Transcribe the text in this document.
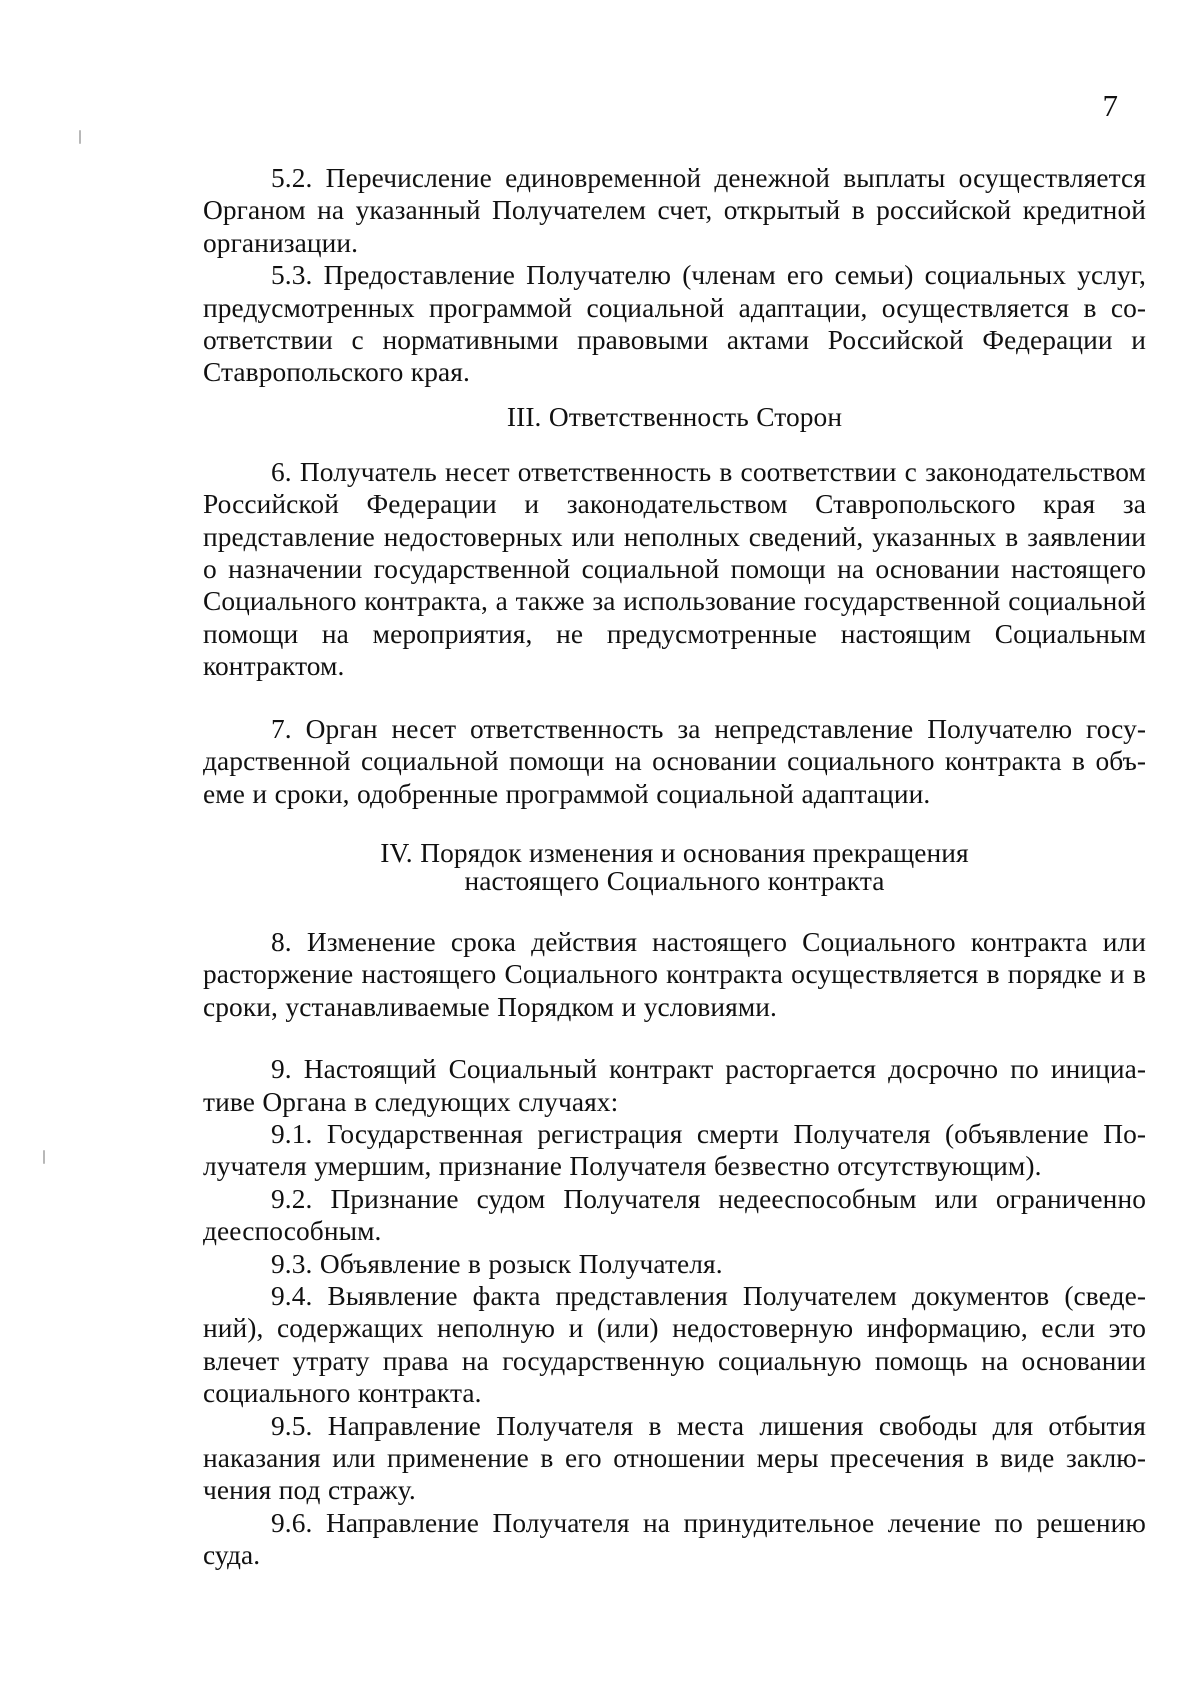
7

5.2. Перечисление единовременной денежной выплаты осуществляется Органом на указанный Получателем счет, открытый в российской кредитной организации.

5.3. Предоставление Получателю (членам его семьи) социальных услуг, предусмотренных программой социальной адаптации, осуществляется в соответствии с нормативными правовыми актами Российской Федерации и Ставропольского края.

III. Ответственность Сторон

6. Получатель несет ответственность в соответствии с законодательством Российской Федерации и законодательством Ставропольского края за представление недостоверных или неполных сведений, указанных в заявлении о назначении государственной социальной помощи на основании настоящего Социального контракта, а также за использование государственной социальной помощи на мероприятия, не предусмотренные настоящим Социальным контрактом.

7. Орган несет ответственность за непредставление Получателю государственной социальной помощи на основании социального контракта в объеме и сроки, одобренные программой социальной адаптации.

IV. Порядок изменения и основания прекращения
настоящего Социального контракта

8. Изменение срока действия настоящего Социального контракта или расторжение настоящего Социального контракта осуществляется в порядке и в сроки, устанавливаемые Порядком и условиями.

9. Настоящий Социальный контракт расторгается досрочно по инициативе Органа в следующих случаях:

9.1. Государственная регистрация смерти Получателя (объявление Получателя умершим, признание Получателя безвестно отсутствующим).

9.2. Признание судом Получателя недееспособным или ограниченно дееспособным.

9.3. Объявление в розыск Получателя.

9.4. Выявление факта представления Получателем документов (сведений), содержащих неполную и (или) недостоверную информацию, если это влечет утрату права на государственную социальную помощь на основании социального контракта.

9.5. Направление Получателя в места лишения свободы для отбытия наказания или применение в его отношении меры пресечения в виде заключения под стражу.

9.6. Направление Получателя на принудительное лечение по решению суда.
